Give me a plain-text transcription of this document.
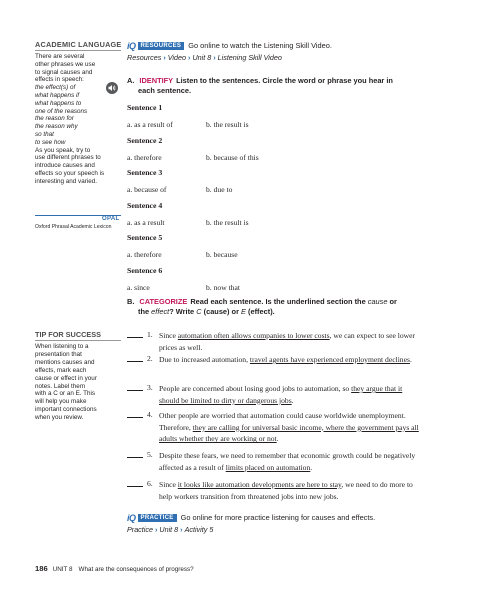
ACADEMIC LANGUAGE
There are several
other phrases we use
to signal causes and
effects in speech:
the effect(s) of
what happens if
what happens to
one of the reasons
the reason for
the reason why
so that
to see how
As you speak, try to
use different phrases to
introduce causes and
effects so your speech is
interesting and varied.
OPAL
Oxford Phrasal Academic Lexicon
iQ RESOURCES Go online to watch the Listening Skill Video.
Resources › Video › Unit 8 › Listening Skill Video
A. IDENTIFY Listen to the sentences. Circle the word or phrase you hear in
each sentence.
Sentence 1
a. as a result of	b. the result is
Sentence 2
a. therefore	b. because of this
Sentence 3
a. because of	b. due to
Sentence 4
a. as a result	b. the result is
Sentence 5
a. therefore	b. because
Sentence 6
a. since	b. now that
B. CATEGORIZE Read each sentence. Is the underlined section the cause or
the effect? Write C (cause) or E (effect).
TIP FOR SUCCESS
When listening to a
presentation that
mentions causes and
effects, mark each
cause or effect in your
notes. Label them
with a C or an E. This
will help you make
important connections
when you review.
1. Since automation often allows companies to lower costs, we can expect to see lower prices as well.
2. Due to increased automation, travel agents have experienced employment declines.
3. People are concerned about losing good jobs to automation, so they argue that it should be limited to dirty or dangerous jobs.
4. Other people are worried that automation could cause worldwide unemployment. Therefore, they are calling for universal basic income, where the government pays all adults whether they are working or not.
5. Despite these fears, we need to remember that economic growth could be negatively affected as a result of limits placed on automation.
6. Since it looks like automation developments are here to stay, we need to do more to help workers transition from threatened jobs into new jobs.
iQ PRACTICE Go online for more practice listening for causes and effects.
Practice › Unit 8 › Activity 5
186 UNIT 8 What are the consequences of progress?
